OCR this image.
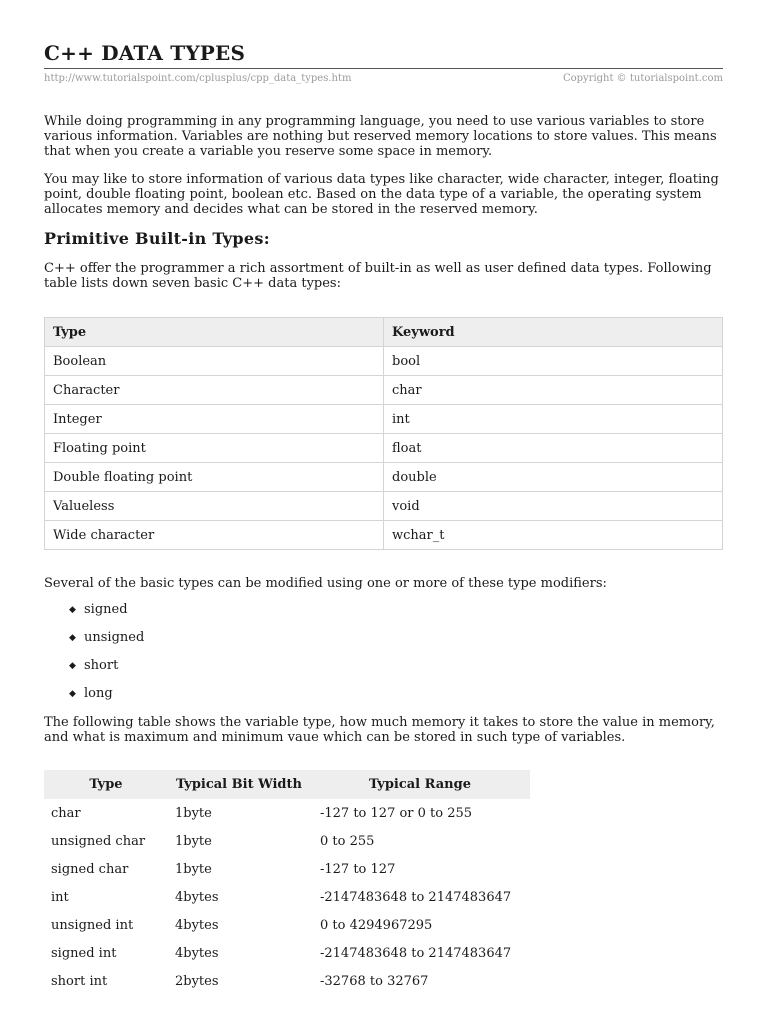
C++ DATA TYPES
http://www.tutorialspoint.com/cplusplus/cpp_data_types.htm	Copyright © tutorialspoint.com

While doing programming in any programming language, you need to use various variables to store various information. Variables are nothing but reserved memory locations to store values. This means that when you create a variable you reserve some space in memory.

You may like to store information of various data types like character, wide character, integer, floating point, double floating point, boolean etc. Based on the data type of a variable, the operating system allocates memory and decides what can be stored in the reserved memory.

Primitive Built-in Types:

C++ offer the programmer a rich assortment of built-in as well as user defined data types. Following table lists down seven basic C++ data types:

Type	Keyword
Boolean	bool
Character	char
Integer	int
Floating point	float
Double floating point	double
Valueless	void
Wide character	wchar_t

Several of the basic types can be modified using one or more of these type modifiers:

◆ signed
◆ unsigned
◆ short
◆ long

The following table shows the variable type, how much memory it takes to store the value in memory, and what is maximum and minimum vaue which can be stored in such type of variables.

Type	Typical Bit Width	Typical Range
char	1byte	-127 to 127 or 0 to 255
unsigned char	1byte	0 to 255
signed char	1byte	-127 to 127
int	4bytes	-2147483648 to 2147483647
unsigned int	4bytes	0 to 4294967295
signed int	4bytes	-2147483648 to 2147483647
short int	2bytes	-32768 to 32767
